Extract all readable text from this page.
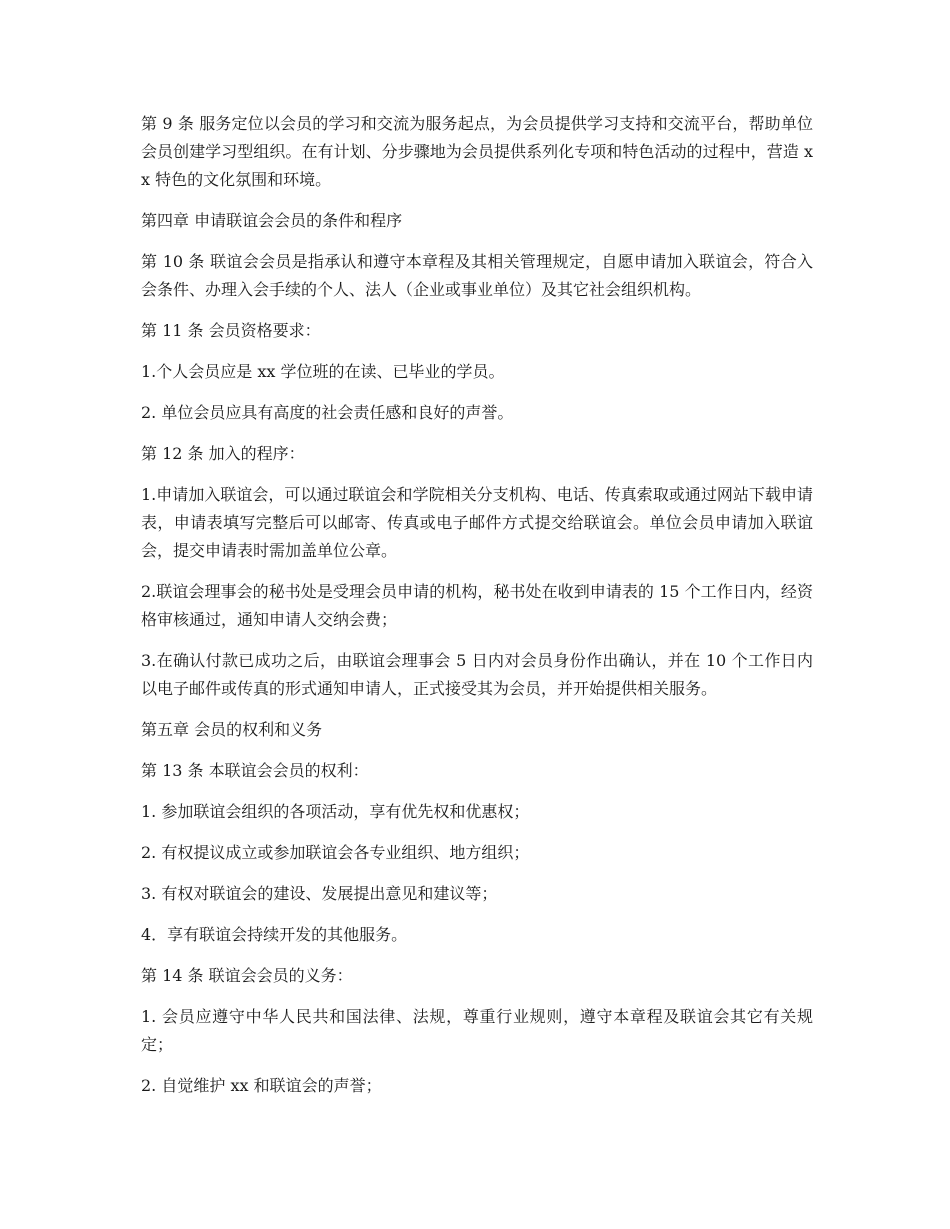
第 9 条 服务定位以会员的学习和交流为服务起点，为会员提供学习支持和交流平台，帮助单位会员创建学习型组织。在有计划、分步骤地为会员提供系列化专项和特色活动的过程中，营造 xx 特色的文化氛围和环境。

第四章 申请联谊会会员的条件和程序

第 10 条 联谊会会员是指承认和遵守本章程及其相关管理规定，自愿申请加入联谊会，符合入会条件、办理入会手续的个人、法人（企业或事业单位）及其它社会组织机构。

第 11 条 会员资格要求：

1.个人会员应是 xx 学位班的在读、已毕业的学员。

2. 单位会员应具有高度的社会责任感和良好的声誉。

第 12 条 加入的程序：

1.申请加入联谊会，可以通过联谊会和学院相关分支机构、电话、传真索取或通过网站下载申请表，申请表填写完整后可以邮寄、传真或电子邮件方式提交给联谊会。单位会员申请加入联谊会，提交申请表时需加盖单位公章。

2.联谊会理事会的秘书处是受理会员申请的机构，秘书处在收到申请表的 15 个工作日内，经资格审核通过，通知申请人交纳会费；

3.在确认付款已成功之后，由联谊会理事会 5 日内对会员身份作出确认，并在 10 个工作日内以电子邮件或传真的形式通知申请人，正式接受其为会员，并开始提供相关服务。

第五章 会员的权利和义务

第 13 条 本联谊会会员的权利：

1. 参加联谊会组织的各项活动，享有优先权和优惠权；

2. 有权提议成立或参加联谊会各专业组织、地方组织；

3. 有权对联谊会的建设、发展提出意见和建议等；

4．享有联谊会持续开发的其他服务。

第 14 条 联谊会会员的义务：

1. 会员应遵守中华人民共和国法律、法规，尊重行业规则，遵守本章程及联谊会其它有关规定；

2. 自觉维护 xx 和联谊会的声誉；
